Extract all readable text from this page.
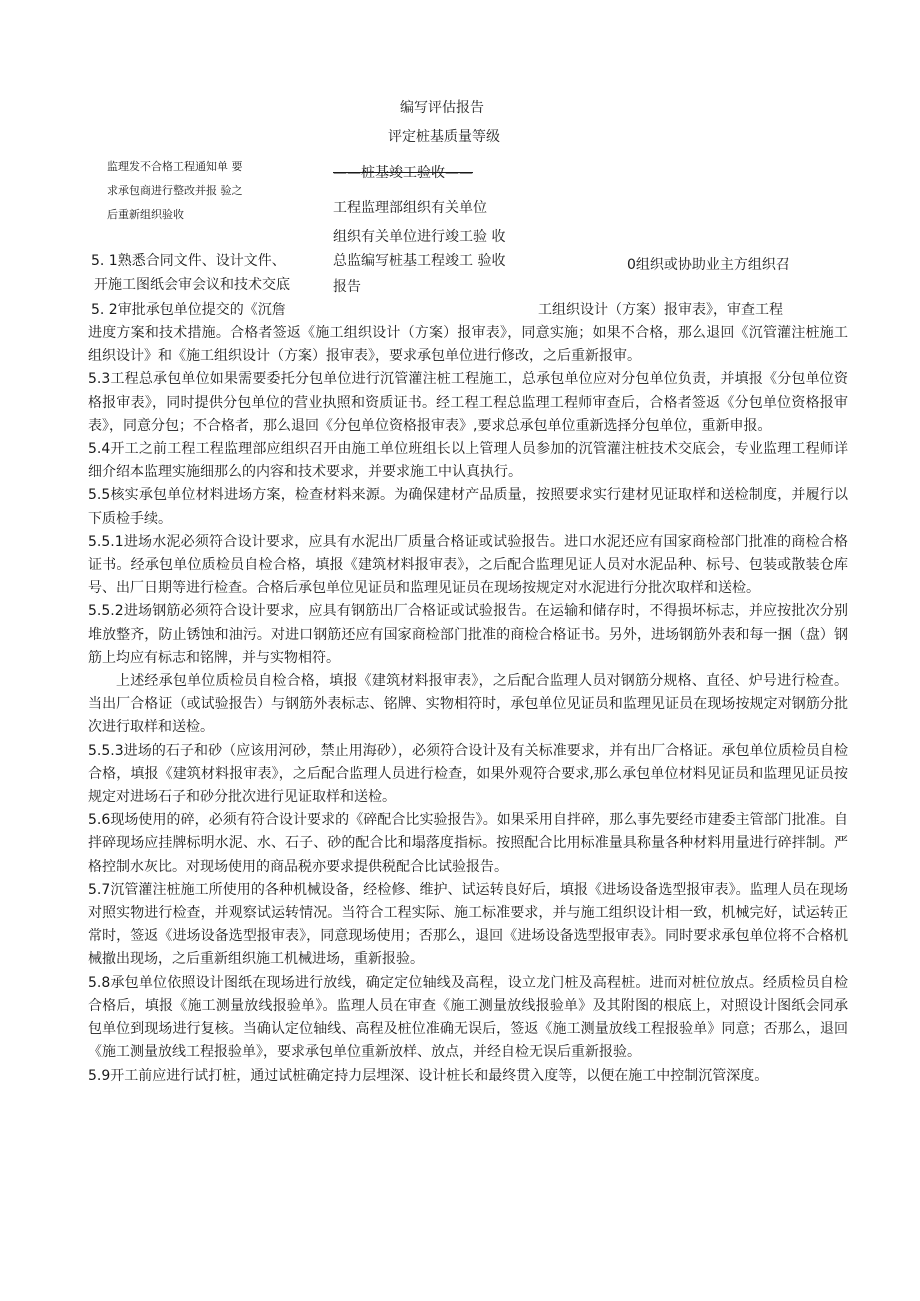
编写评估报告
评定桩基质量等级
监理发不合格工程通知单 要
求承包商进行整改并报 验之
后重新组织验收
——桩基竣工验收——
工程监理部组织有关单位
组织有关单位进行竣工验 收
总监编写桩基工程竣工 验收
报告
0组织或协助业主方组织召
5. 1熟悉合同文件、设计文件、
开施工图纸会审会议和技术交底
5. 2审批承包单位提交的《沉詹	工组织设计（方案）报审表》，审查工程

进度方案和技术措施。合格者签返《施工组织设计（方案）报审表》，同意实施；如果不合格，那么退回《沉管灌注桩施工组织设计》和《施工组织设计（方案）报审表》，要求承包单位进行修改，之后重新报审。

5.3工程总承包单位如果需要委托分包单位进行沉管灌注桩工程施工，总承包单位应对分包单位负责，并填报《分包单位资格报审表》，同时提供分包单位的营业执照和资质证书。经工程工程总监理工程师审查后，合格者签返《分包单位资格报审表》，同意分包；不合格者，那么退回《分包单位资格报审表》,要求总承包单位重新选择分包单位，重新申报。

5.4开工之前工程工程监理部应组织召开由施工单位班组长以上管理人员参加的沉管灌注桩技术交底会，专业监理工程师详细介绍本监理实施细那么的内容和技术要求，并要求施工中认真执行。

5.5核实承包单位材料进场方案，检查材料来源。为确保建材产品质量，按照要求实行建材见证取样和送检制度，并履行以下质检手续。

5.5.1进场水泥必须符合设计要求，应具有水泥出厂质量合格证或试验报告。进口水泥还应有国家商检部门批准的商检合格证书。经承包单位质检员自检合格，填报《建筑材料报审表》，之后配合监理见证人员对水泥品种、标号、包装或散装仓库号、出厂日期等进行检查。合格后承包单位见证员和监理见证员在现场按规定对水泥进行分批次取样和送检。

5.5.2进场钢筋必须符合设计要求，应具有钢筋出厂合格证或试验报告。在运输和储存时，不得损坏标志，并应按批次分别堆放整齐，防止锈蚀和油污。对进口钢筋还应有国家商检部门批准的商检合格证书。另外，进场钢筋外表和每一捆（盘）钢筋上均应有标志和铭牌，并与实物相符。

上述经承包单位质检员自检合格，填报《建筑材料报审表》，之后配合监理人员对钢筋分规格、直径、炉号进行检查。当出厂合格证（或试验报告）与钢筋外表标志、铭牌、实物相符时，承包单位见证员和监理见证员在现场按规定对钢筋分批次进行取样和送检。

5.5.3进场的石子和砂（应该用河砂，禁止用海砂），必须符合设计及有关标准要求，并有出厂合格证。承包单位质检员自检合格，填报《建筑材料报审表》，之后配合监理人员进行检查，如果外观符合要求,那么承包单位材料见证员和监理见证员按规定对进场石子和砂分批次进行见证取样和送检。

5.6现场使用的碎，必须有符合设计要求的《碎配合比实验报告》。如果采用自拌碎，那么事先要经市建委主管部门批准。自拌碎现场应挂牌标明水泥、水、石子、砂的配合比和塌落度指标。按照配合比用标准量具称量各种材料用量进行碎拌制。严格控制水灰比。对现场使用的商品税亦要求提供税配合比试验报告。

5.7沉管灌注桩施工所使用的各种机械设备，经检修、维护、试运转良好后，填报《进场设备选型报审表》。监理人员在现场对照实物进行检查，并观察试运转情况。当符合工程实际、施工标准要求，并与施工组织设计相一致，机械完好，试运转正常时，签返《进场设备选型报审表》，同意现场使用；否那么，退回《进场设备选型报审表》。同时要求承包单位将不合格机械撤出现场，之后重新组织施工机械进场，重新报验。

5.8承包单位依照设计图纸在现场进行放线，确定定位轴线及高程，设立龙门桩及高程桩。进而对桩位放点。经质检员自检合格后，填报《施工测量放线报验单》。监理人员在审查《施工测量放线报验单》及其附图的根底上，对照设计图纸会同承包单位到现场进行复核。当确认定位轴线、高程及桩位准确无误后，签返《施工测量放线工程报验单》同意；否那么，退回《施工测量放线工程报验单》，要求承包单位重新放样、放点，并经自检无误后重新报验。

5.9开工前应进行试打桩，通过试桩确定持力层埋深、设计桩长和最终贯入度等，以便在施工中控制沉管深度。
